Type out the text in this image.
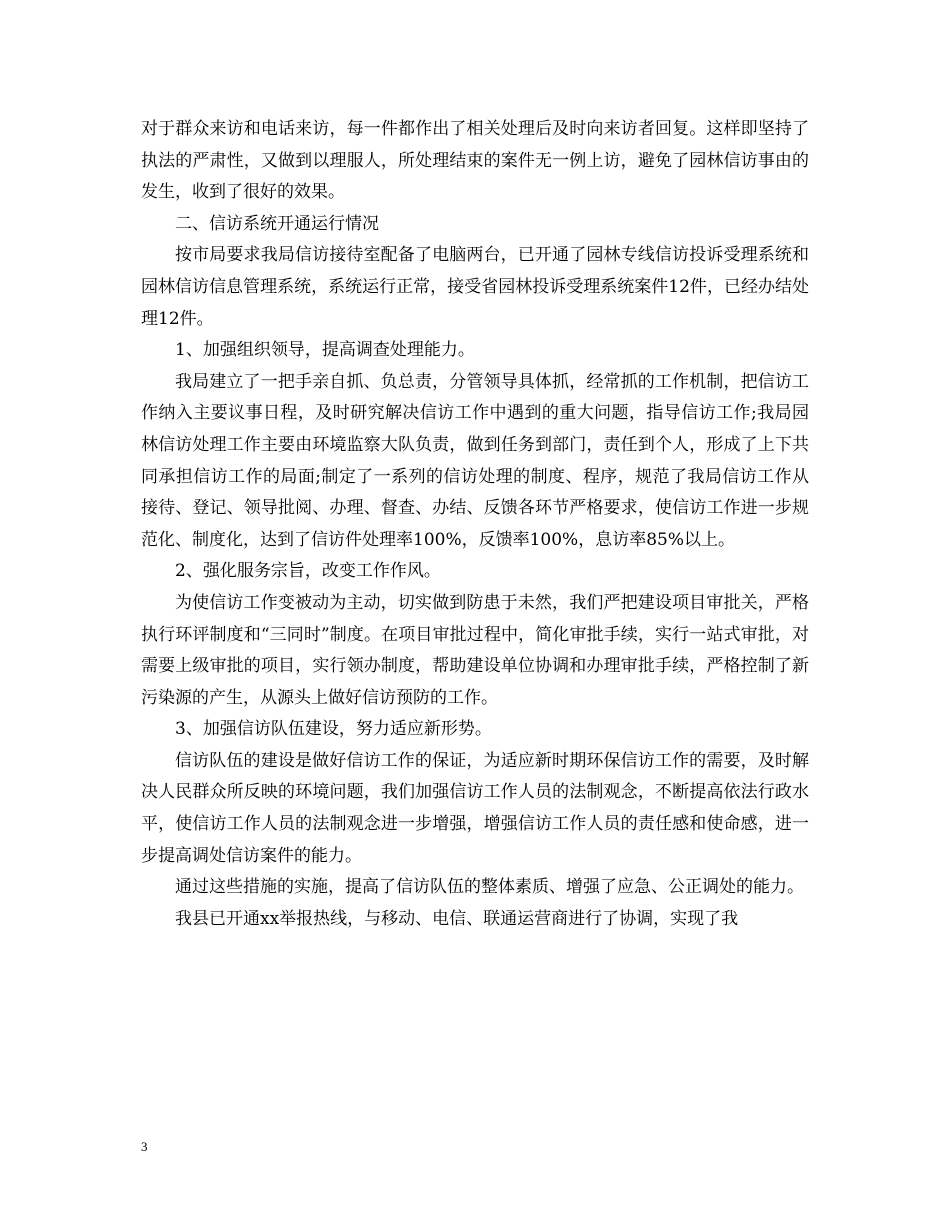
对于群众来访和电话来访，每一件都作出了相关处理后及时向来访者回复。这样即坚持了执法的严肃性，又做到以理服人，所处理结束的案件无一例上访，避免了园林信访事由的发生，收到了很好的效果。

二、信访系统开通运行情况

按市局要求我局信访接待室配备了电脑两台，已开通了园林专线信访投诉受理系统和园林信访信息管理系统，系统运行正常，接受省园林投诉受理系统案件12件，已经办结处理12件。

1、加强组织领导，提高调查处理能力。

我局建立了一把手亲自抓、负总责，分管领导具体抓，经常抓的工作机制，把信访工作纳入主要议事日程，及时研究解决信访工作中遇到的重大问题，指导信访工作;我局园林信访处理工作主要由环境监察大队负责，做到任务到部门，责任到个人，形成了上下共同承担信访工作的局面;制定了一系列的信访处理的制度、程序，规范了我局信访工作从接待、登记、领导批阅、办理、督查、办结、反馈各环节严格要求，使信访工作进一步规范化、制度化，达到了信访件处理率100%，反馈率100%，息访率85%以上。

2、强化服务宗旨，改变工作作风。

为使信访工作变被动为主动，切实做到防患于未然，我们严把建设项目审批关，严格执行环评制度和“三同时”制度。在项目审批过程中，简化审批手续，实行一站式审批，对需要上级审批的项目，实行领办制度，帮助建设单位协调和办理审批手续，严格控制了新污染源的产生，从源头上做好信访预防的工作。

3、加强信访队伍建设，努力适应新形势。

信访队伍的建设是做好信访工作的保证，为适应新时期环保信访工作的需要，及时解决人民群众所反映的环境问题，我们加强信访工作人员的法制观念，不断提高依法行政水平，使信访工作人员的法制观念进一步增强，增强信访工作人员的责任感和使命感，进一步提高调处信访案件的能力。

通过这些措施的实施，提高了信访队伍的整体素质、增强了应急、公正调处的能力。

我县已开通xx举报热线，与移动、电信、联通运营商进行了协调，实现了我

3
